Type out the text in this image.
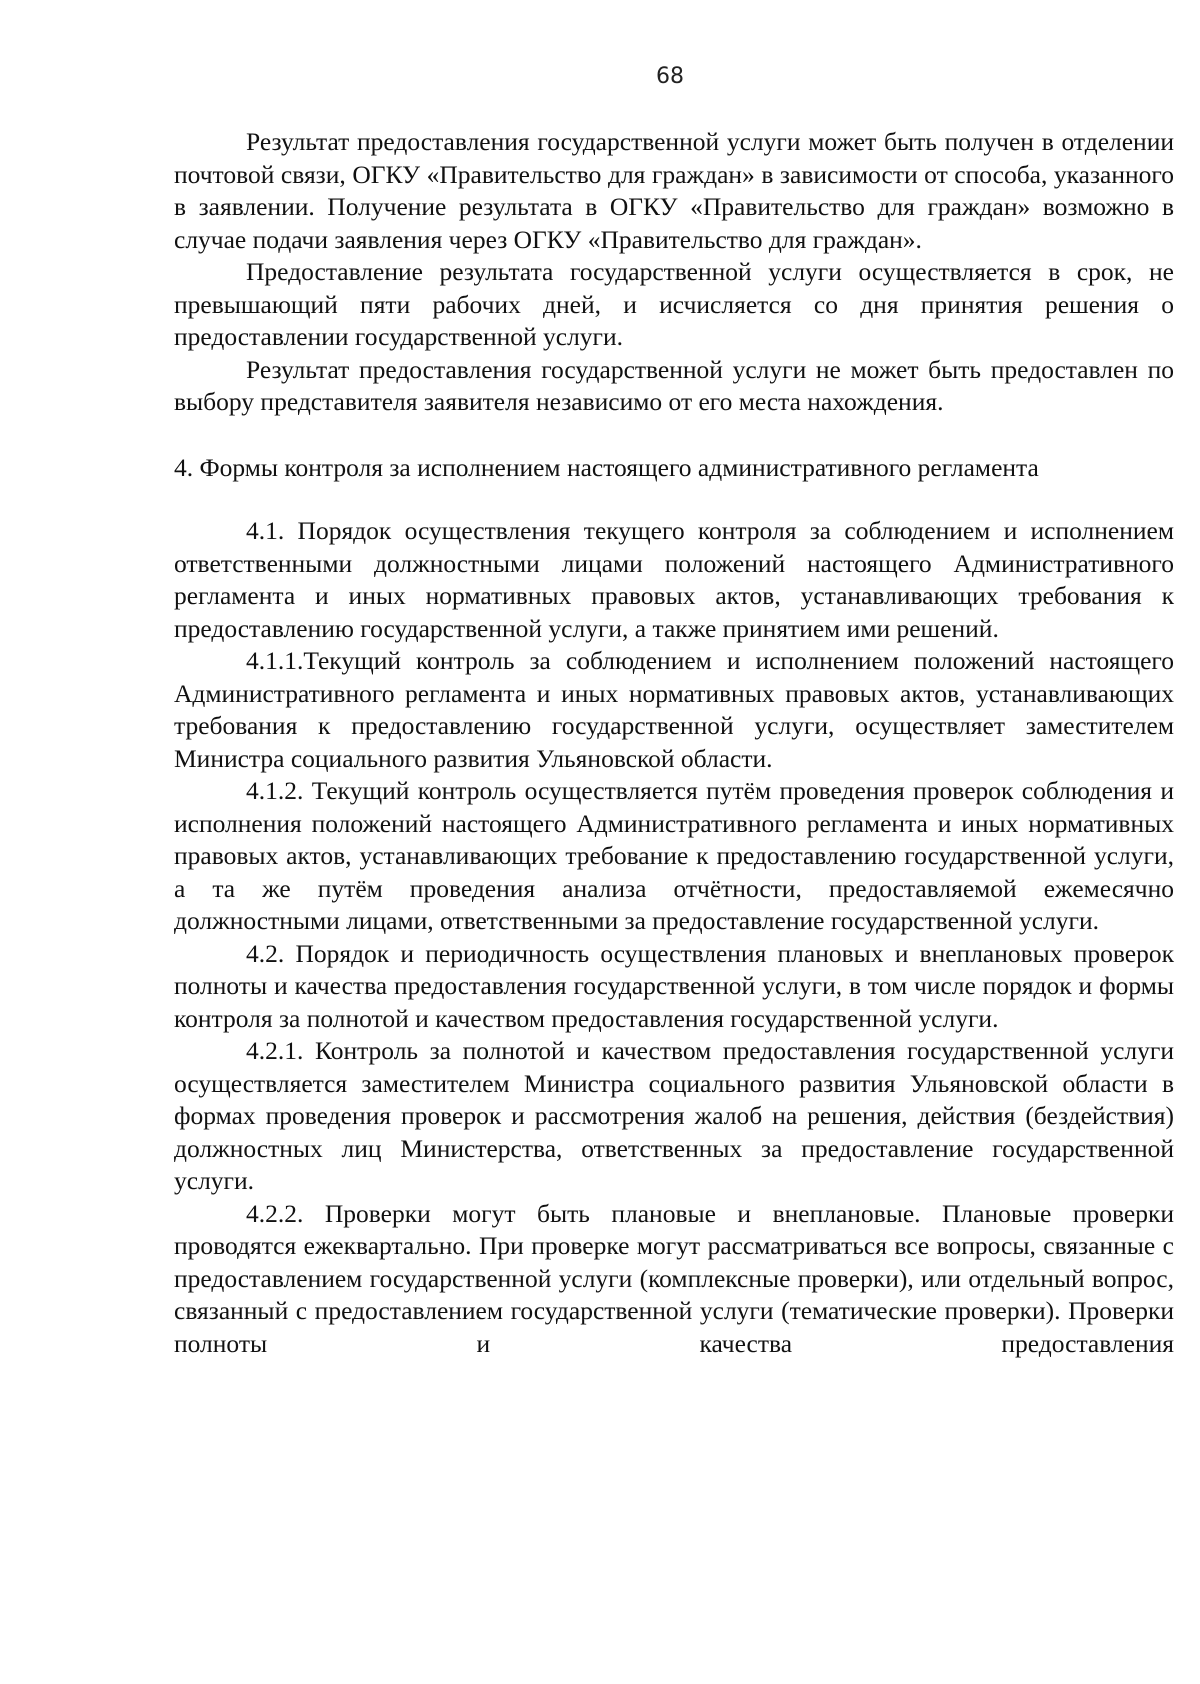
68

Результат предоставления государственной услуги может быть получен в отделении почтовой связи, ОГКУ «Правительство для граждан» в зависимости от способа, указанного в заявлении. Получение результата в ОГКУ «Правительство для граждан» возможно в случае подачи заявления через ОГКУ «Правительство для граждан».

Предоставление результата государственной услуги осуществляется в срок, не превышающий пяти рабочих дней, и исчисляется со дня принятия решения о предоставлении государственной услуги.

Результат предоставления государственной услуги не может быть предоставлен по выбору представителя заявителя независимо от его места нахождения.

4. Формы контроля за исполнением настоящего административного регламента

4.1. Порядок осуществления текущего контроля за соблюдением и исполнением ответственными должностными лицами положений настоящего Административного регламента и иных нормативных правовых актов, устанавливающих требования к предоставлению государственной услуги, а также принятием ими решений.

4.1.1.Текущий контроль за соблюдением и исполнением положений настоящего Административного регламента и иных нормативных правовых актов, устанавливающих требования к предоставлению государственной услуги, осуществляет заместителем Министра социального развития Ульяновской области.

4.1.2. Текущий контроль осуществляется путём проведения проверок соблюдения и исполнения положений настоящего Административного регламента и иных нормативных правовых актов, устанавливающих требование к предоставлению государственной услуги, а та же путём проведения анализа отчётности, предоставляемой ежемесячно должностными лицами, ответственными за предоставление государственной услуги.

4.2. Порядок и периодичность осуществления плановых и внеплановых проверок полноты и качества предоставления государственной услуги, в том числе порядок и формы контроля за полнотой и качеством предоставления государственной услуги.

4.2.1. Контроль за полнотой и качеством предоставления государственной услуги осуществляется заместителем Министра социального развития Ульяновской области в формах проведения проверок и рассмотрения жалоб на решения, действия (бездействия) должностных лиц Министерства, ответственных за предоставление государственной услуги.

4.2.2. Проверки могут быть плановые и внеплановые. Плановые проверки проводятся ежеквартально. При проверке могут рассматриваться все вопросы, связанные с предоставлением государственной услуги (комплексные проверки), или отдельный вопрос, связанный с предоставлением государственной услуги (тематические проверки). Проверки полноты и качества предоставления
